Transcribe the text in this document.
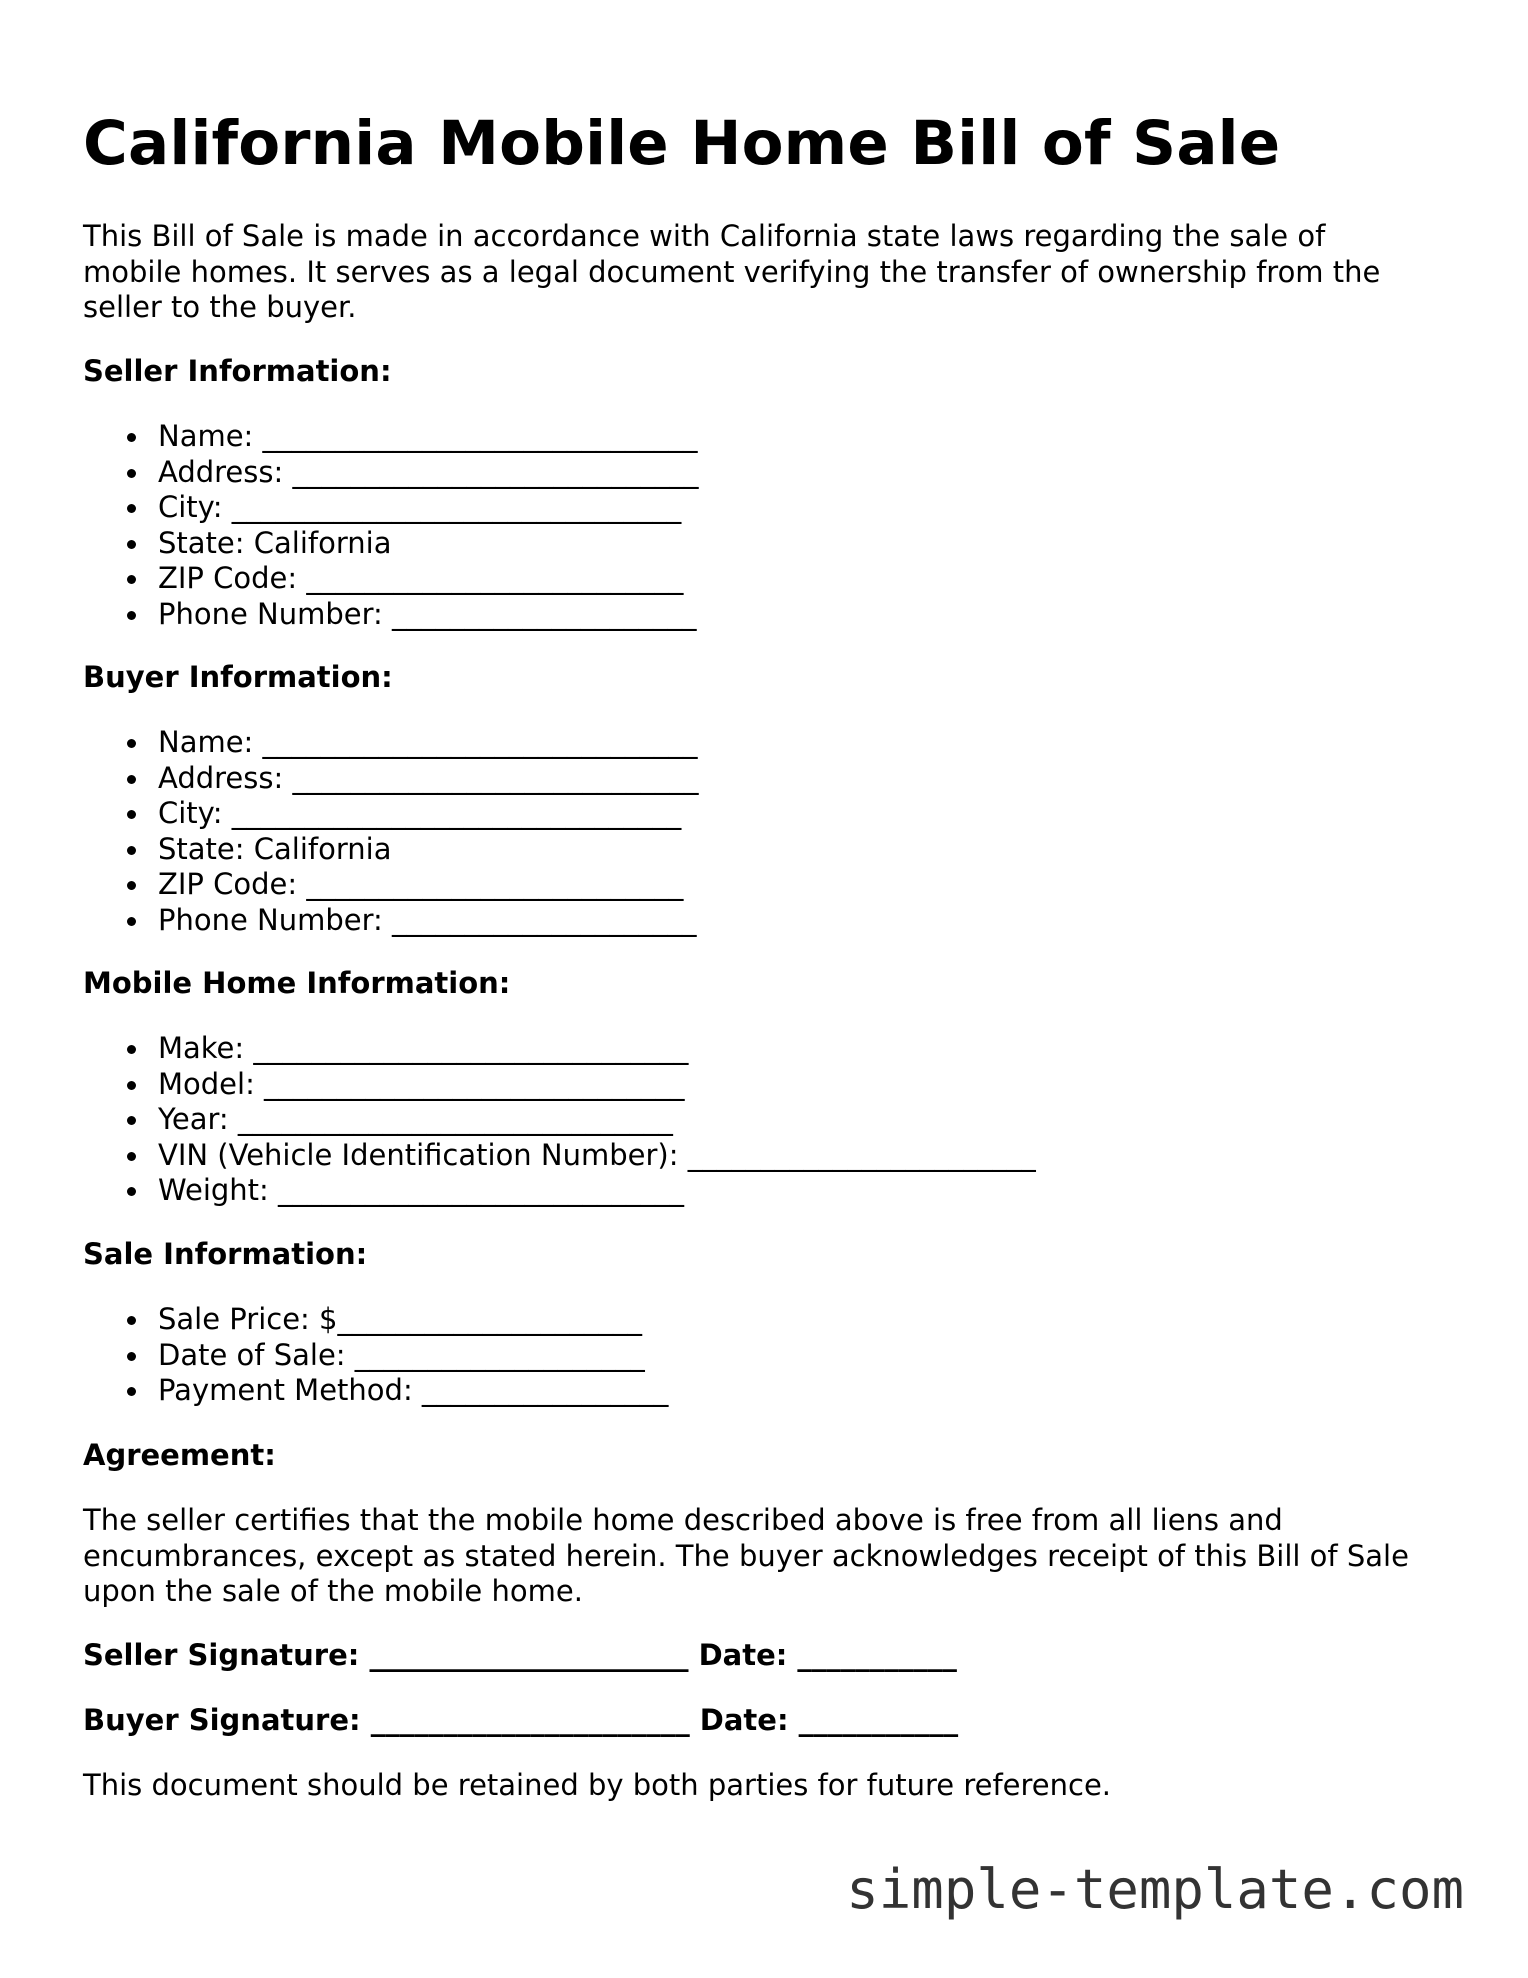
California Mobile Home Bill of Sale

This Bill of Sale is made in accordance with California state laws regarding the sale of mobile homes. It serves as a legal document verifying the transfer of ownership from the seller to the buyer.

Seller Information:
Name: ______________________________
Address: ____________________________
City: _______________________________
State: California
ZIP Code: __________________________
Phone Number: _____________________
Buyer Information:
Name: ______________________________
Address: ____________________________
City: _______________________________
State: California
ZIP Code: __________________________
Phone Number: _____________________
Mobile Home Information:
Make: ______________________________
Model: _____________________________
Year: ______________________________
VIN (Vehicle Identification Number): ________________________
Weight: ____________________________
Sale Information:
Sale Price: $_____________________
Date of Sale: ____________________
Payment Method: _________________
Agreement:

The seller certifies that the mobile home described above is free from all liens and encumbrances, except as stated herein. The buyer acknowledges receipt of this Bill of Sale upon the sale of the mobile home.

Seller Signature: ______________________ Date: ___________
Buyer Signature: ______________________ Date: ___________

This document should be retained by both parties for future reference.

simple-template.com
